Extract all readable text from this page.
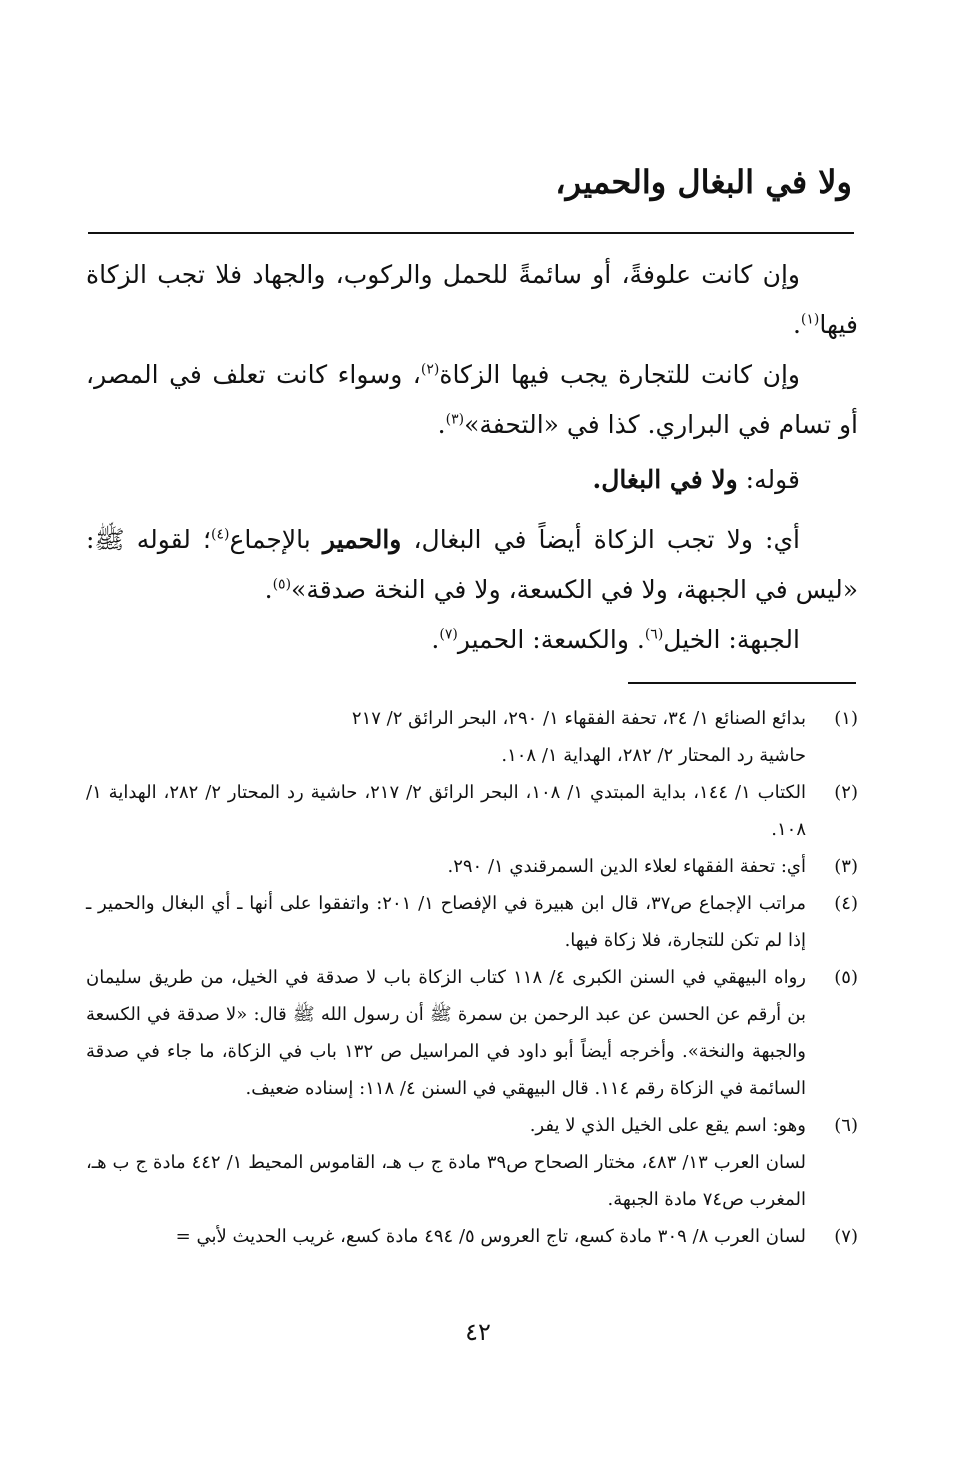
ولا في البغال والحمير،

وإن كانت علوفةً، أو سائمةً للحمل والركوب، والجهاد فلا تجب الزكاة فيها$^{(١)}$.

وإن كانت للتجارة يجب فيها الزكاة$^{(٢)}$، وسواء كانت تعلف في المصر، أو تسام في البراري. كذا في «التحفة»$^{(٣)}$.

قوله: ولا في البغال.

أي: ولا تجب الزكاة أيضاً في البغال، والحمير بالإجماع$^{(٤)}$؛ لقوله ﷺ: «ليس في الجبهة، ولا في الكسعة، ولا في النخة صدقة»$^{(٥)}$.

الجبهة: الخيل$^{(٦)}$. والكسعة: الحمير$^{(٧)}$.

(١)
بدائع الصنائع ١/ ٣٤، تحفة الفقهاء ١/ ٢٩٠، البحر الرائق ٢/ ٢١٧
حاشية رد المحتار ٢/ ٢٨٢، الهداية ١/ ١٠٨.
(٢)
الكتاب ١/ ١٤٤، بداية المبتدي ١/ ١٠٨، البحر الرائق ٢/ ٢١٧، حاشية رد المحتار ٢/ ٢٨٢، الهداية ١/ ١٠٨.
(٣)
أي: تحفة الفقهاء لعلاء الدين السمرقندي ١/ ٢٩٠.
(٤)
مراتب الإجماع ص٣٧، قال ابن هبيرة في الإفصاح ١/ ٢٠١: واتفقوا على أنها ـ أي البغال والحمير ـ إذا لم تكن للتجارة، فلا زكاة فيها.
(٥)
رواه البيهقي في السنن الكبرى ٤/ ١١٨ كتاب الزكاة باب لا صدقة في الخيل، من طريق سليمان بن أرقم عن الحسن عن عبد الرحمن بن سمرة ﷺ أن رسول الله ﷺ قال: «لا صدقة في الكسعة والجبهة والنخة». وأخرجه أيضاً أبو داود في المراسيل ص ١٣٢ باب في الزكاة، ما جاء في صدقة السائمة في الزكاة رقم ١١٤. قال البيهقي في السنن ٤/ ١١٨: إسناده ضعيف.
(٦)
وهو: اسم يقع على الخيل الذي لا يفر.
لسان العرب ١٣/ ٤٨٣، مختار الصحاح ص٣٩ مادة ج ب هـ، القاموس المحيط ١/ ٤٤٢ مادة ج ب هـ، المغرب ص٧٤ مادة الجبهة.
(٧)
لسان العرب ٨/ ٣٠٩ مادة كسع، تاج العروس ٥/ ٤٩٤ مادة كسع، غريب الحديث لأبي =
٤٢
